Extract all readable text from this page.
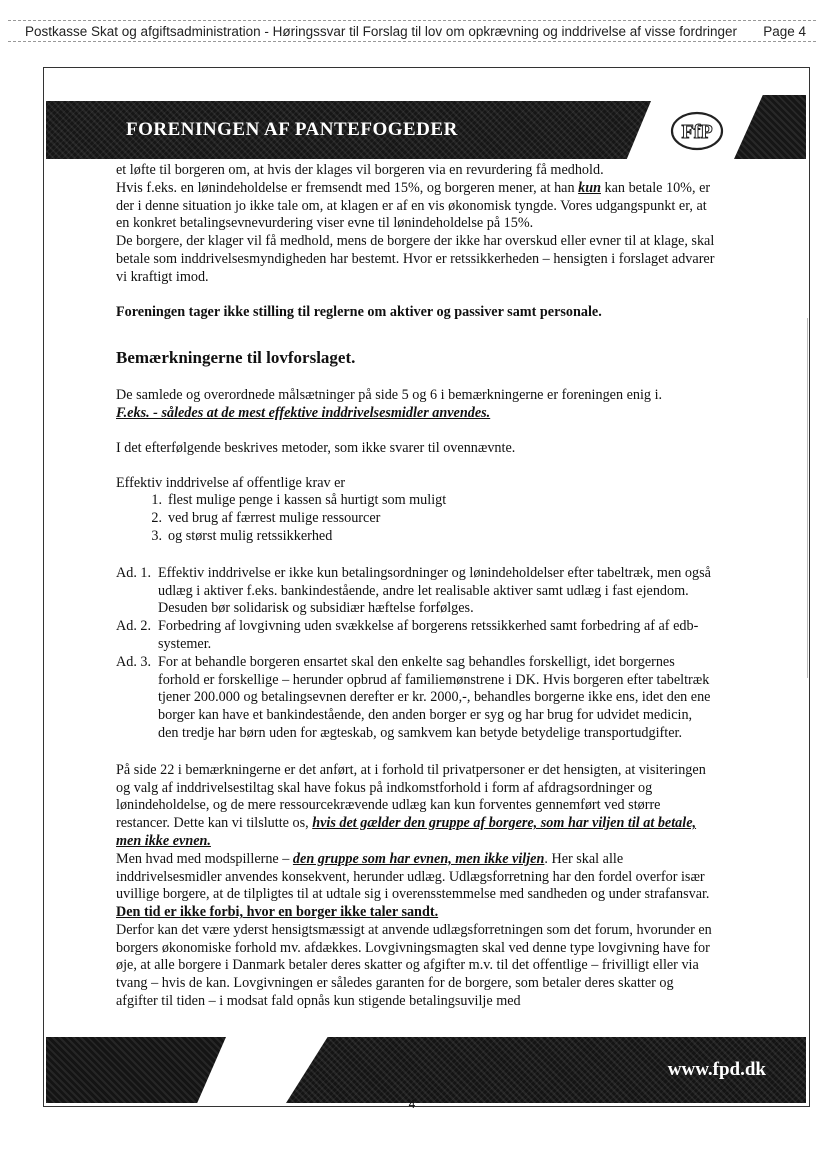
Postkasse Skat og afgiftsadministration - Høringssvar til Forslag til lov om opkrævning og inddrivelse af visse fordringer Page 4
FORENINGEN AF PANTEFOGEDER	FfP

et løfte til borgeren om, at hvis der klages vil borgeren via en revurdering få medhold.

Hvis f.eks. en lønindeholdelse er fremsendt med 15%, og borgeren mener, at han kun kan betale 10%, er der i denne situation jo ikke tale om, at klagen er af en vis økonomisk tyngde. Vores udgangspunkt er, at en konkret betalingsevnevurdering viser evne til lønindeholdelse på 15%.

De borgere, der klager vil få medhold, mens de borgere der ikke har overskud eller evner til at klage, skal betale som inddrivelsesmyndigheden har bestemt. Hvor er retssikkerheden – hensigten i forslaget advarer vi kraftigt imod.

Foreningen tager ikke stilling til reglerne om aktiver og passiver samt personale.

Bemærkningerne til lovforslaget.

De samlede og overordnede målsætninger på side 5 og 6 i bemærkningerne er foreningen enig i.

F.eks. - således at de mest effektive inddrivelsesmidler anvendes.

I det efterfølgende beskrives metoder, som ikke svarer til ovennævnte.

Effektiv inddrivelse af offentlige krav er

1. flest mulige penge i kassen så hurtigt som muligt
2. ved brug af færrest mulige ressourcer
3. og størst mulig retssikkerhed
Ad. 1. Effektiv inddrivelse er ikke kun betalingsordninger og lønindeholdelser efter tabeltræk, men også udlæg i aktiver f.eks. bankindestående, andre let realisable aktiver samt udlæg i fast ejendom. Desuden bør solidarisk og subsidiær hæftelse forfølges.
Ad. 2. Forbedring af lovgivning uden svækkelse af borgerens retssikkerhed samt forbedring af af edb-systemer.
Ad. 3. For at behandle borgeren ensartet skal den enkelte sag behandles forskelligt, idet borgernes forhold er forskellige – herunder opbrud af familiemønstrene i DK. Hvis borgeren efter tabeltræk tjener 200.000 og betalingsevnen derefter er kr. 2000,-, behandles borgerne ikke ens, idet den ene borger kan have et bankindestående, den anden borger er syg og har brug for udvidet medicin, den tredje har børn uden for ægteskab, og samkvem kan betyde betydelige transportudgifter.

På side 22 i bemærkningerne er det anført, at i forhold til privatpersoner er det hensigten, at visiteringen og valg af inddrivelsestiltag skal have fokus på indkomstforhold i form af afdragsordninger og lønindeholdelse, og de mere ressourcekrævende udlæg kan kun forventes gennemført ved større restancer. Dette kan vi tilslutte os, hvis det gælder den gruppe af borgere, som har viljen til at betale, men ikke evnen.

Men hvad med modspillerne – den gruppe som har evnen, men ikke viljen. Her skal alle inddrivelsesmidler anvendes konsekvent, herunder udlæg. Udlægsforretning har den fordel overfor især uvillige borgere, at de tilpligtes til at udtale sig i overensstemmelse med sandheden og under strafansvar. Den tid er ikke forbi, hvor en borger ikke taler sandt.

Derfor kan det være yderst hensigtsmæssigt at anvende udlægsforretningen som det forum, hvorunder en borgers økonomiske forhold mv. afdækkes. Lovgivningsmagten skal ved denne type lovgivning have for øje, at alle borgere i Danmark betaler deres skatter og afgifter m.v. til det offentlige – frivilligt eller via tvang – hvis de kan. Lovgivningen er således garanten for de borgere, som betaler deres skatter og afgifter til tiden – i modsat fald opnås kun stigende betalingsuvilje med

www.fpd.dk
4
